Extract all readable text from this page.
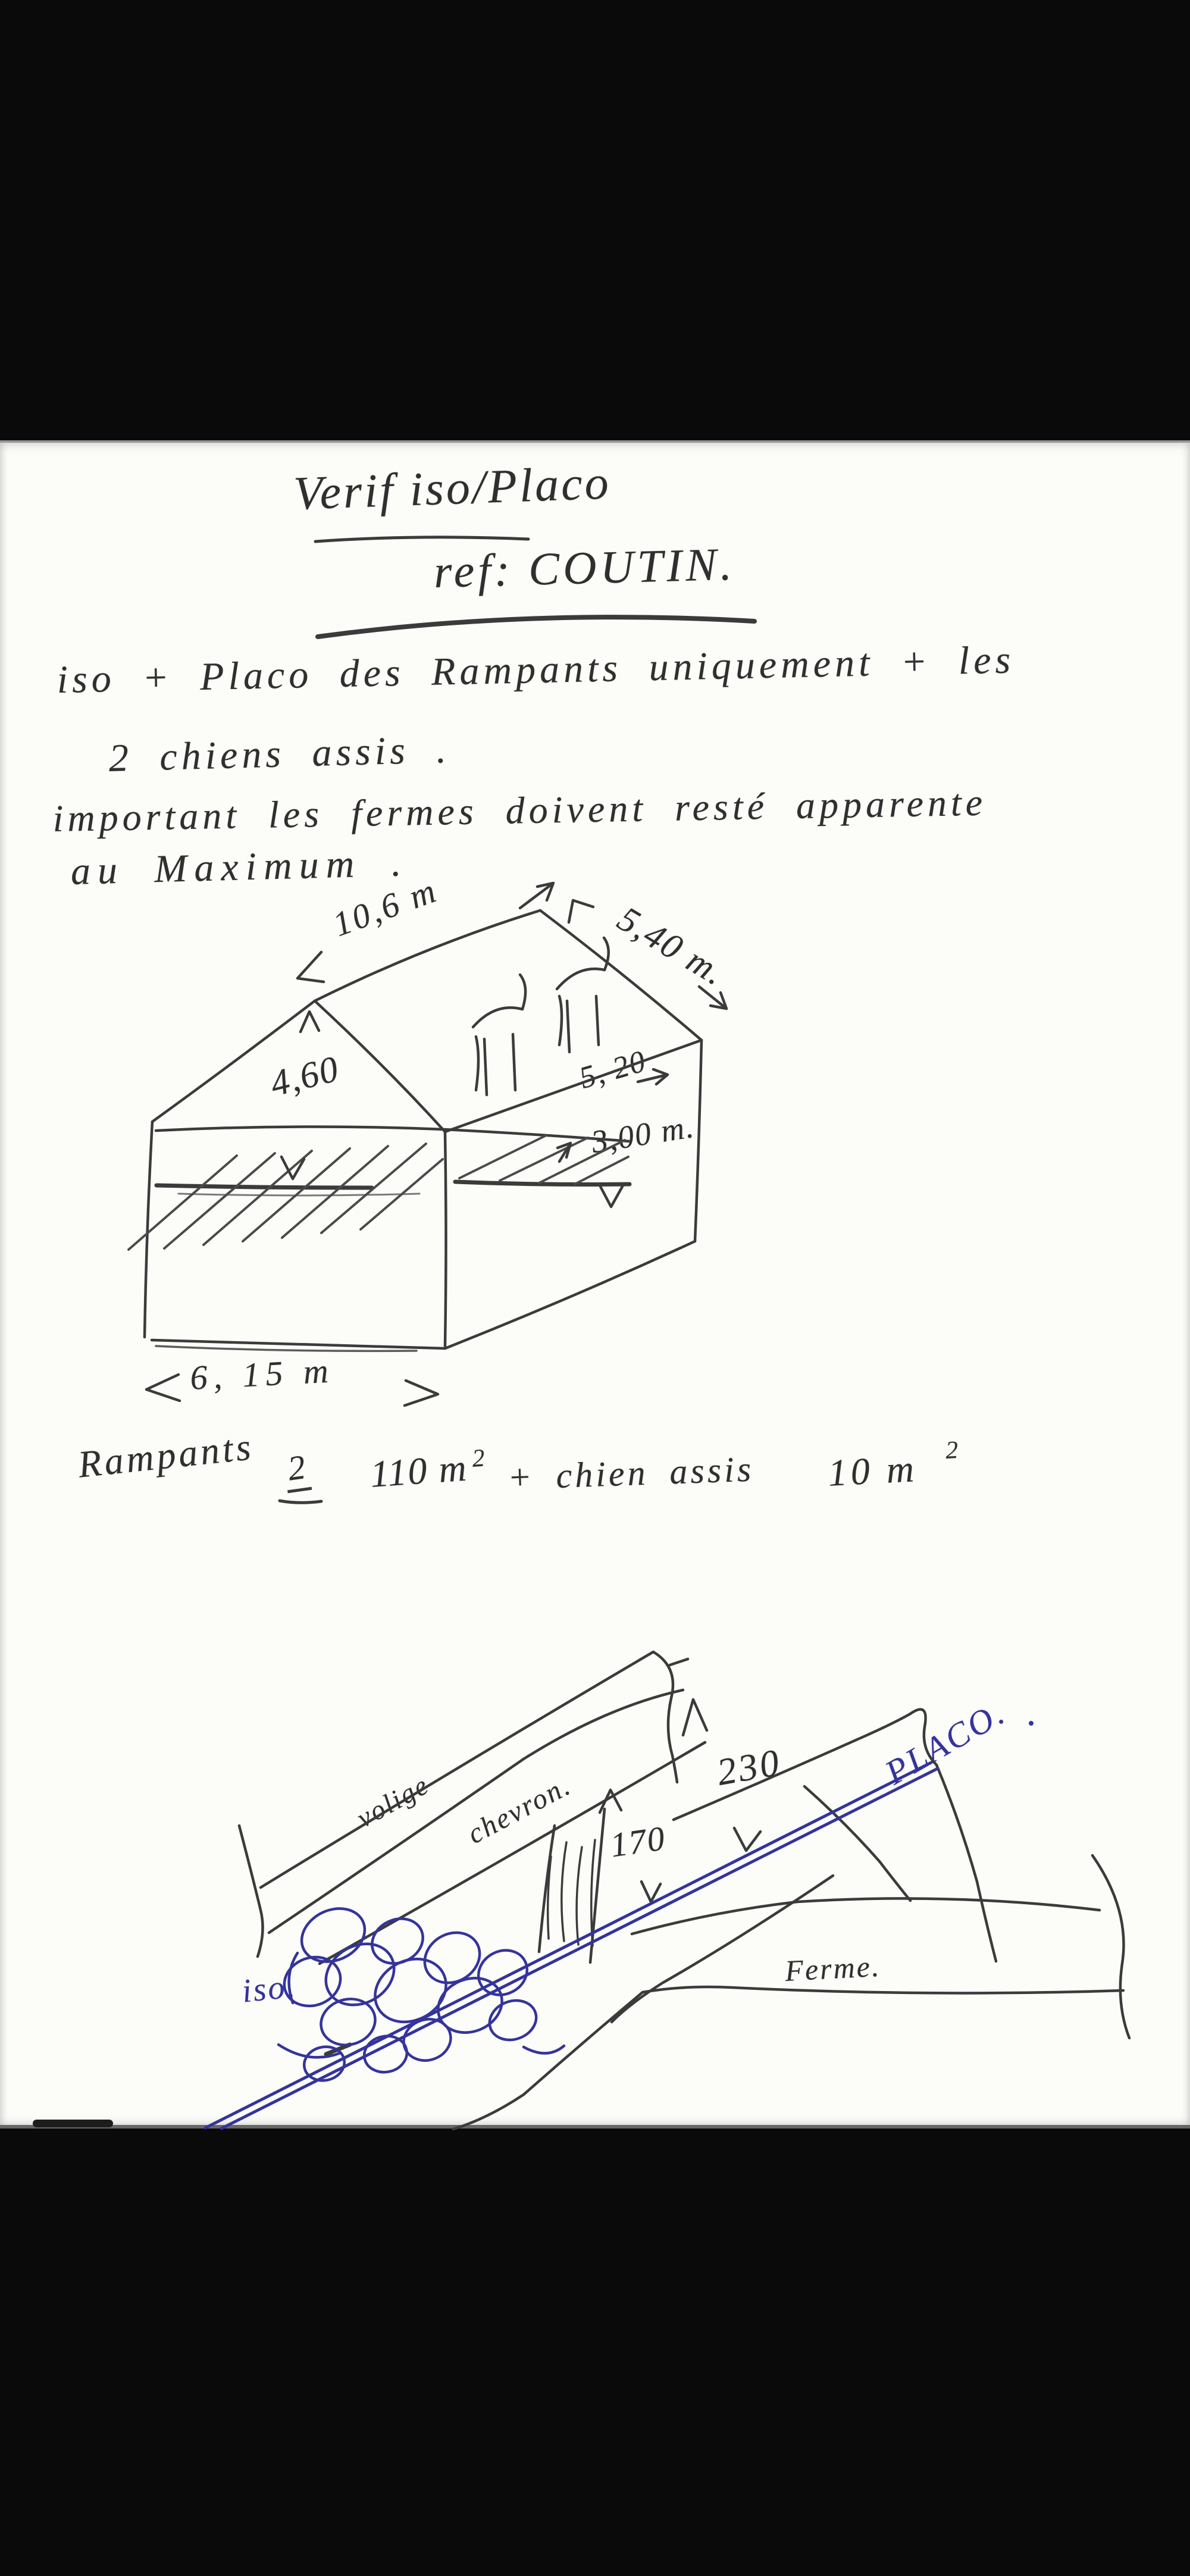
Verif iso/Placo
ref: COUTIN.
iso + Placo des Rampants uniquement + les
2 chiens assis .
important les fermes doivent resté apparente
au Maximum .
10,6 m	5,40 m.
4,60	5, 20
3,00 m.
6, 15 m
Rampants 2 110 m 2 + chien assis 10 m 2
volige chevron. 170
230	PLACO.
iso.	Ferme.
